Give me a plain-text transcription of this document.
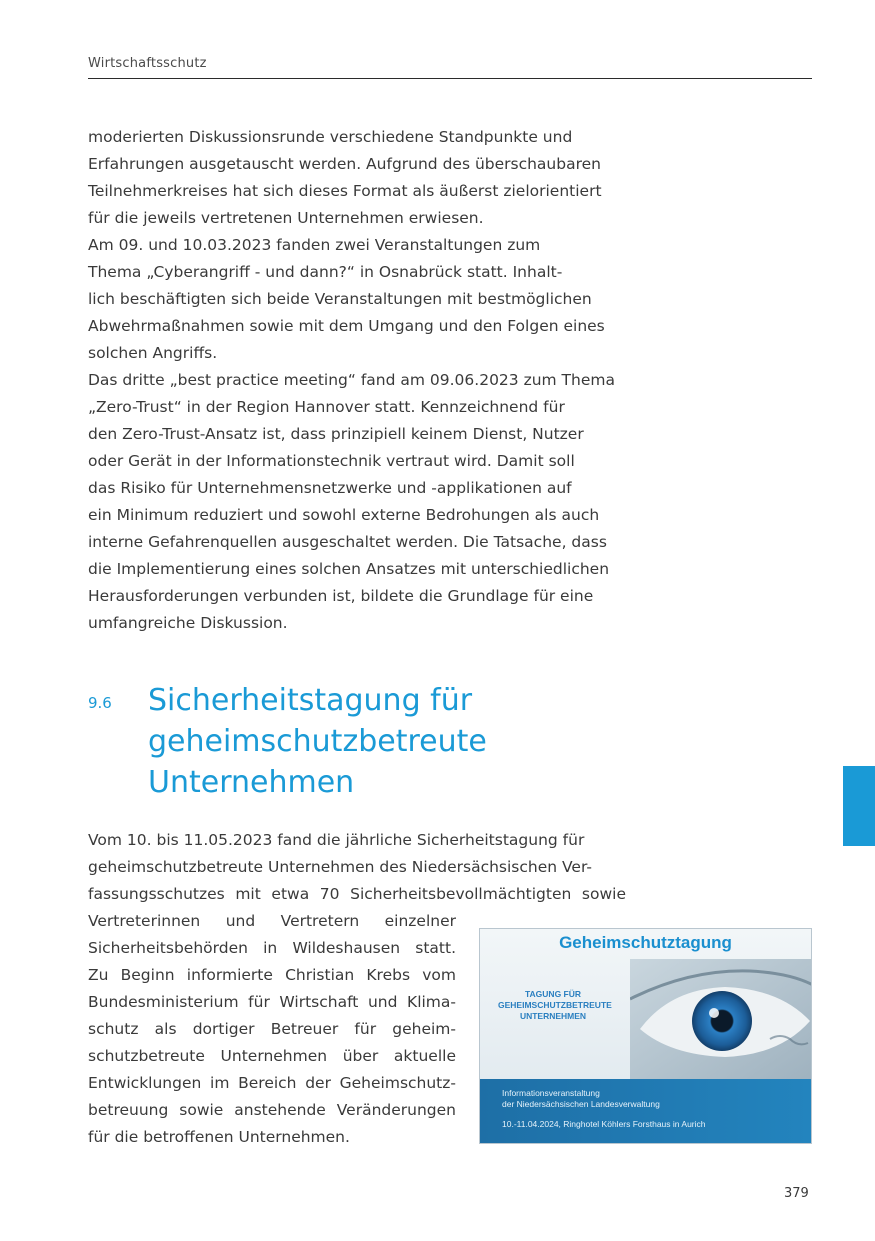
Wirtschaftsschutz

moderierten Diskussionsrunde verschiedene Standpunkte und
Erfahrungen ausgetauscht werden. Aufgrund des überschaubaren
Teilnehmerkreises hat sich dieses Format als äußerst zielorientiert
für die jeweils vertretenen Unternehmen erwiesen.

Am 09. und 10.03.2023 fanden zwei Veranstaltungen zum
Thema „Cyberangriff - und dann?“ in Osnabrück statt. Inhalt-
lich beschäftigten sich beide Veranstaltungen mit bestmöglichen
Abwehrmaßnahmen sowie mit dem Umgang und den Folgen eines
solchen Angriffs.

Das dritte „best practice meeting“ fand am 09.06.2023 zum Thema
„Zero-Trust“ in der Region Hannover statt. Kennzeichnend für
den Zero-Trust-Ansatz ist, dass prinzipiell keinem Dienst, Nutzer
oder Gerät in der Informationstechnik vertraut wird. Damit soll
das Risiko für Unternehmensnetzwerke und -applikationen auf
ein Minimum reduziert und sowohl externe Bedrohungen als auch
interne Gefahrenquellen ausgeschaltet werden. Die Tatsache, dass
die Implementierung eines solchen Ansatzes mit unterschiedlichen
Herausforderungen verbunden ist, bildete die Grundlage für eine
umfangreiche Diskussion.

9.6 Sicherheitstagung für
geheimschutzbetreute
Unternehmen

Vom 10. bis 11.05.2023 fand die jährliche Sicherheitstagung für
geheimschutzbetreute Unternehmen des Niedersächsischen Ver-
fassungsschutzes mit etwa 70 Sicherheitsbevollmächtigten sowie

Vertreterinnen und Vertretern einzelner
Sicherheitsbehörden in Wildeshausen statt.
Zu Beginn informierte Christian Krebs vom
Bundesministerium für Wirtschaft und Klima-
schutz als dortiger Betreuer für geheim-
schutzbetreute Unternehmen über aktuelle
Entwicklungen im Bereich der Geheimschutz-
betreuung sowie anstehende Veränderungen
für die betroffenen Unternehmen.

Geheimschutztagung
TAGUNG FÜR
GEHEIMSCHUTZBETREUTE
UNTERNEHMEN
Informationsveranstaltung
der Niedersächsischen Landesverwaltung
10.-11.04.2024, Ringhotel Köhlers Forsthaus in Aurich
379
